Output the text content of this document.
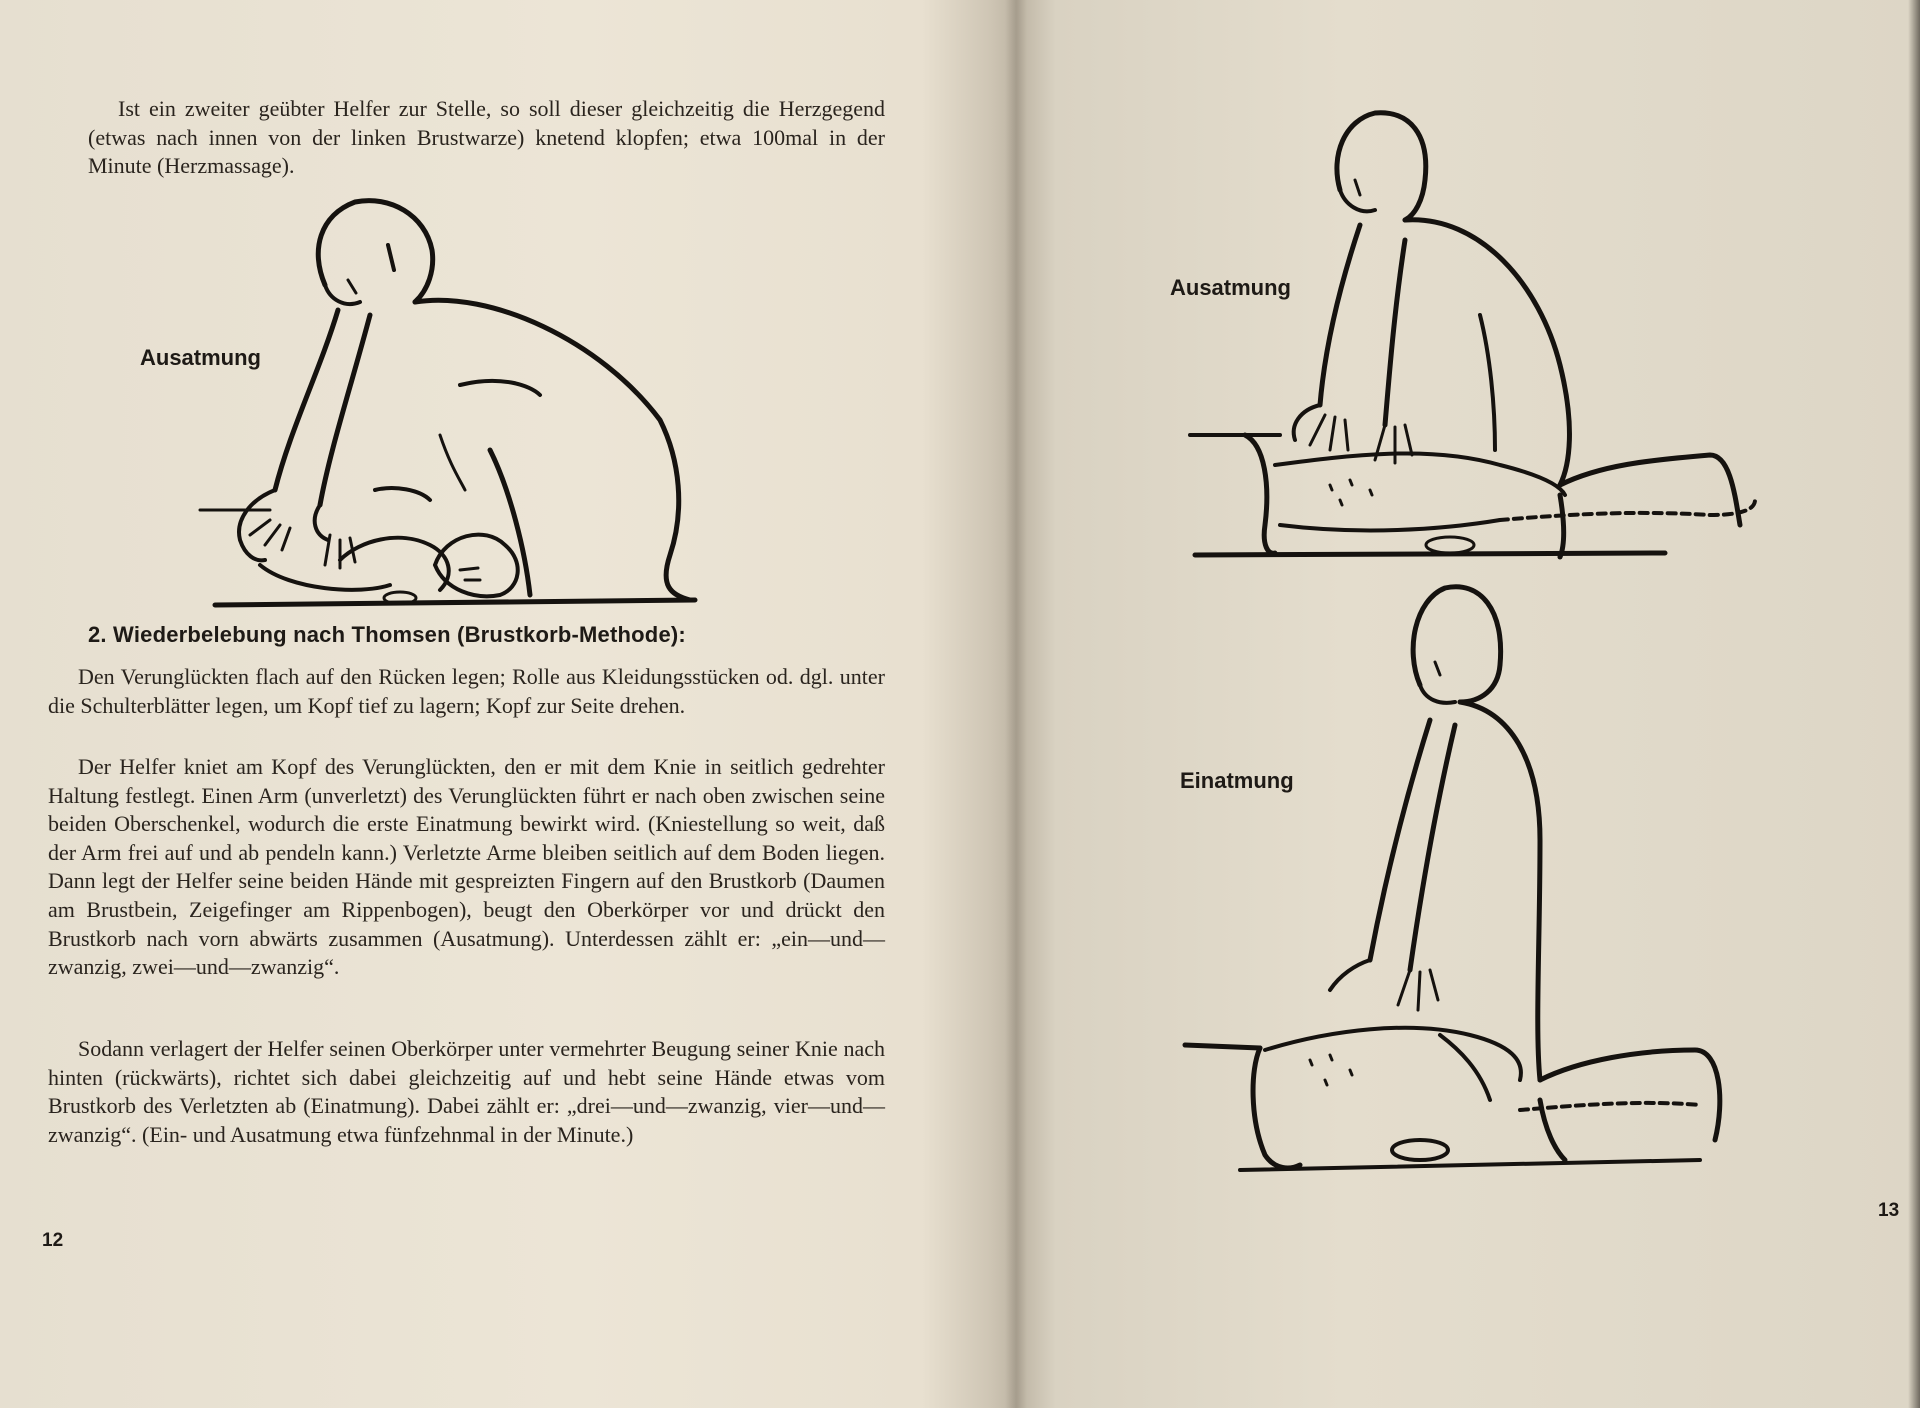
Ist ein zweiter geübter Helfer zur Stelle, so soll dieser gleichzeitig die Herzgegend (etwas nach innen von der linken Brustwarze) knetend klopfen; etwa 100mal in der Minute (Herzmassage).

Ausatmung

2. Wiederbelebung nach Thomsen (Brustkorb-Methode):

Den Verunglückten flach auf den Rücken legen; Rolle aus Kleidungsstücken od. dgl. unter die Schulterblätter legen, um Kopf tief zu lagern; Kopf zur Seite drehen.

Der Helfer kniet am Kopf des Verunglückten, den er mit dem Knie in seitlich gedrehter Haltung festlegt. Einen Arm (unverletzt) des Verunglückten führt er nach oben zwischen seine beiden Oberschenkel, wodurch die erste Einatmung bewirkt wird. (Kniestellung so weit, daß der Arm frei auf und ab pendeln kann.) Verletzte Arme bleiben seitlich auf dem Boden liegen. Dann legt der Helfer seine beiden Hände mit gespreizten Fingern auf den Brustkorb (Daumen am Brustbein, Zeigefinger am Rippenbogen), beugt den Oberkörper vor und drückt den Brustkorb nach vorn abwärts zusammen (Ausatmung). Unterdessen zählt er: „ein—und—zwanzig, zwei—und—zwanzig“.

Sodann verlagert der Helfer seinen Oberkörper unter vermehrter Beugung seiner Knie nach hinten (rückwärts), richtet sich dabei gleichzeitig auf und hebt seine Hände etwas vom Brustkorb des Verletzten ab (Einatmung). Dabei zählt er: „drei—und—zwanzig, vier—und—zwanzig“. (Ein- und Ausatmung etwa fünfzehnmal in der Minute.)

12

Ausatmung

Einatmung

13
